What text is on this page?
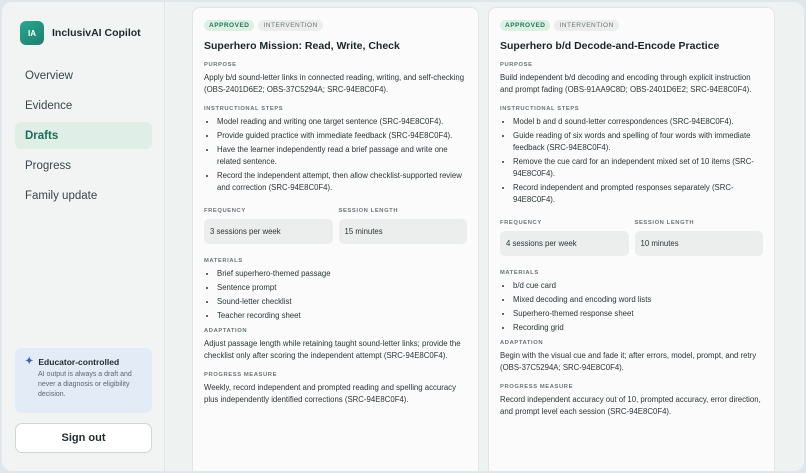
IA	InclusivAI Copilot
Overview
Evidence
Drafts
Progress
Family update
✦ Educator-controlled
AI output is always a draft and never a diagnosis or eligibility decision.
Sign out
APPROVED	INTERVENTION
Superhero Mission: Read, Write, Check
PURPOSE
Apply b/d sound-letter links in connected reading, writing, and self-checking (OBS-2401D6E2; OBS-37C5294A; SRC-94E8C0F4).
INSTRUCTIONAL STEPS
• Model reading and writing one target sentence (SRC-94E8C0F4).
• Provide guided practice with immediate feedback (SRC-94E8C0F4).
• Have the learner independently read a brief passage and write one related sentence.
• Record the independent attempt, then allow checklist-supported review and correction (SRC-94E8C0F4).
FREQUENCY
3 sessions per week
SESSION LENGTH
15 minutes
MATERIALS
• Brief superhero-themed passage
• Sentence prompt
• Sound-letter checklist
• Teacher recording sheet
ADAPTATION
Adjust passage length while retaining taught sound-letter links; provide the checklist only after scoring the independent attempt (SRC-94E8C0F4).
PROGRESS MEASURE
Weekly, record independent and prompted reading and spelling accuracy plus independently identified corrections (SRC-94E8C0F4).
APPROVED	INTERVENTION
Superhero b/d Decode-and-Encode Practice
PURPOSE
Build independent b/d decoding and encoding through explicit instruction and prompt fading (OBS-91AA9C8D; OBS-2401D6E2; SRC-94E8C0F4).
INSTRUCTIONAL STEPS
• Model b and d sound-letter correspondences (SRC-94E8C0F4).
• Guide reading of six words and spelling of four words with immediate feedback (SRC-94E8C0F4).
• Remove the cue card for an independent mixed set of 10 items (SRC-94E8C0F4).
• Record independent and prompted responses separately (SRC-94E8C0F4).
FREQUENCY
4 sessions per week
SESSION LENGTH
10 minutes
MATERIALS
• b/d cue card
• Mixed decoding and encoding word lists
• Superhero-themed response sheet
• Recording grid
ADAPTATION
Begin with the visual cue and fade it; after errors, model, prompt, and retry (OBS-37C5294A; SRC-94E8C0F4).
PROGRESS MEASURE
Record independent accuracy out of 10, prompted accuracy, error direction, and prompt level each session (SRC-94E8C0F4).
